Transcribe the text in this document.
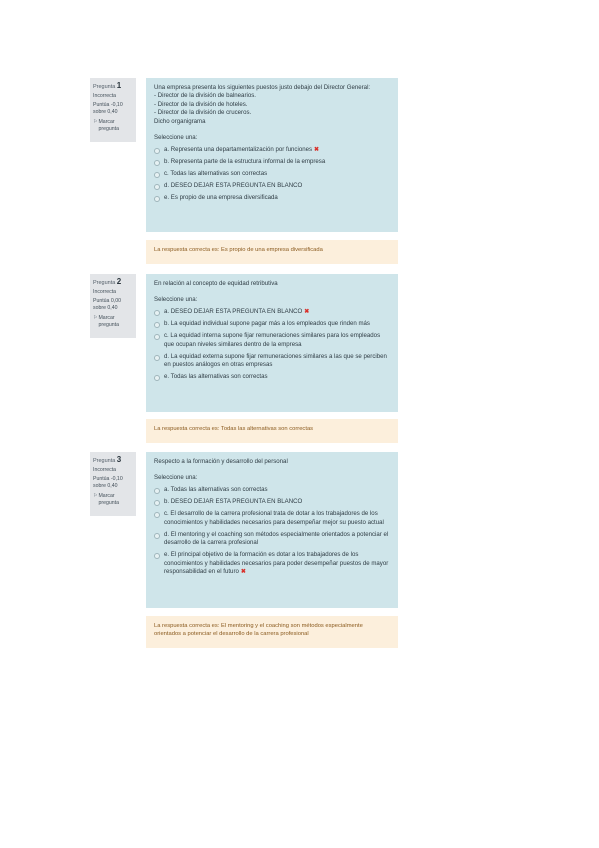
Pregunta 1
Incorrecta
Puntúa -0,10
sobre 0,40
⚐ Marcar
pregunta
Una empresa presenta los siguientes puestos justo debajo del Director General:
- Director de la división de balnearios.
- Director de la división de hoteles.
- Director de la división de cruceros.
Dicho organigrama
Seleccione una:
a. Representa una departamentalización por funciones ✖
b. Representa parte de la estructura informal de la empresa
c. Todas las alternativas son correctas
d. DESEO DEJAR ESTA PREGUNTA EN BLANCO
e. Es propio de una empresa diversificada
La respuesta correcta es: Es propio de una empresa diversificada
Pregunta 2
Incorrecta
Puntúa 0,00
sobre 0,40
⚐ Marcar
pregunta
En relación al concepto de equidad retributiva
Seleccione una:
a. DESEO DEJAR ESTA PREGUNTA EN BLANCO ✖
b. La equidad individual supone pagar más a los empleados que rinden más
c. La equidad interna supone fijar remuneraciones similares para los empleados que ocupan niveles similares dentro de la empresa
d. La equidad externa supone fijar remuneraciones similares a las que se perciben en puestos análogos en otras empresas
e. Todas las alternativas son correctas
La respuesta correcta es: Todas las alternativas son correctas
Pregunta 3
Incorrecta
Puntúa -0,10
sobre 0,40
⚐ Marcar
pregunta
Respecto a la formación y desarrollo del personal
Seleccione una:
a. Todas las alternativas son correctas
b. DESEO DEJAR ESTA PREGUNTA EN BLANCO
c. El desarrollo de la carrera profesional trata de dotar a los trabajadores de los conocimientos y habilidades necesarios para desempeñar mejor su puesto actual
d. El mentoring y el coaching son métodos especialmente orientados a potenciar el desarrollo de la carrera profesional
e. El principal objetivo de la formación es dotar a los trabajadores de los conocimientos y habilidades necesarios para poder desempeñar puestos de mayor responsabilidad en el futuro ✖
La respuesta correcta es: El mentoring y el coaching son métodos especialmente orientados a potenciar el desarrollo de la carrera profesional
